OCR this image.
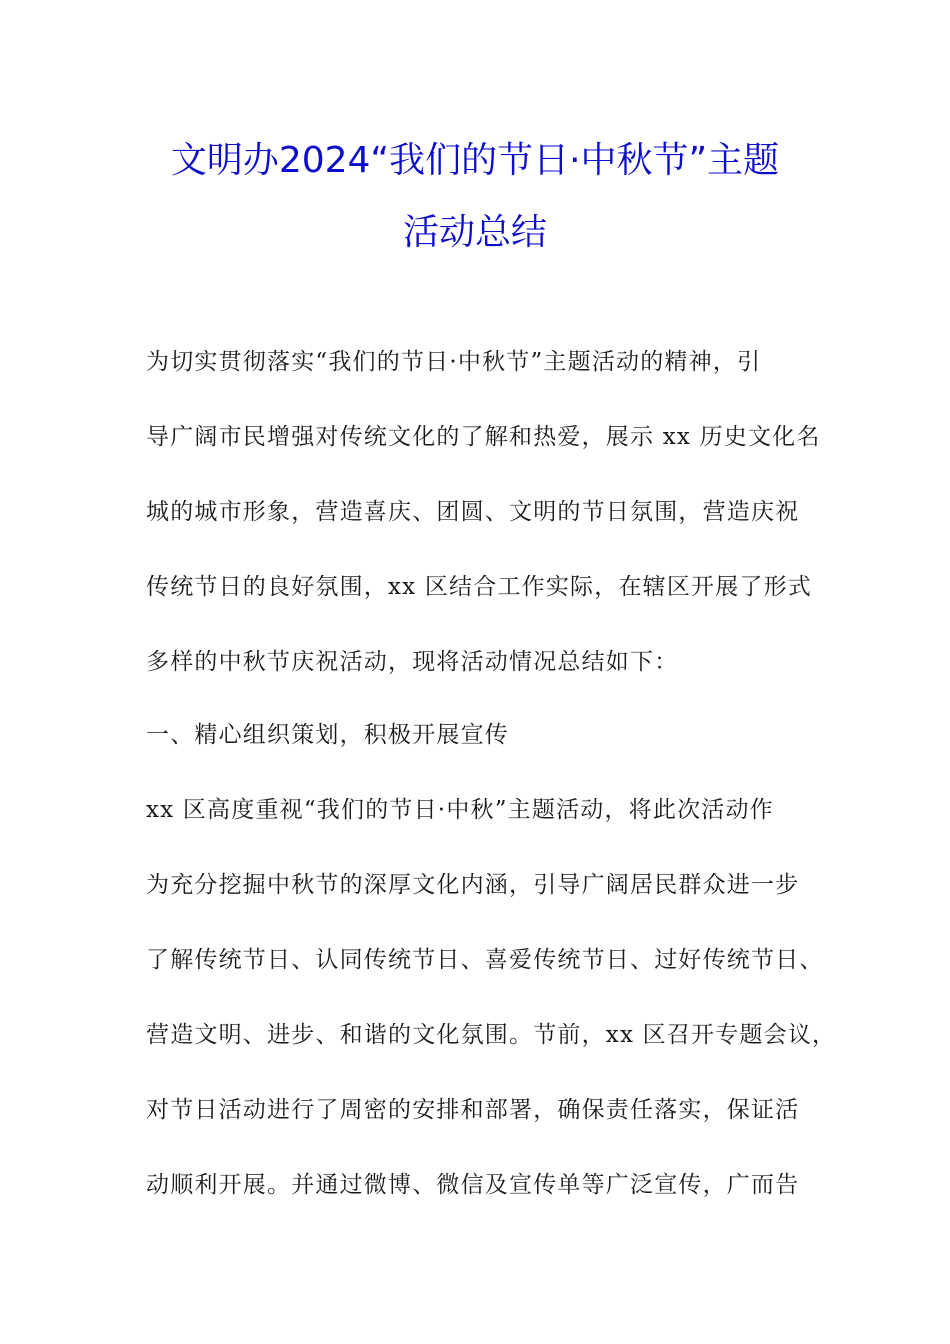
文明办2024“我们的节日·中秋节”主题
活动总结
为切实贯彻落实“我们的节日·中秋节”主题活动的精神，引
导广阔市民增强对传统文化的了解和热爱，展示 xx 历史文化名
城的城市形象，营造喜庆、团圆、文明的节日氛围，营造庆祝
传统节日的良好氛围，xx 区结合工作实际，在辖区开展了形式
多样的中秋节庆祝活动，现将活动情况总结如下：
一、精心组织策划，积极开展宣传
xx 区高度重视“我们的节日·中秋”主题活动，将此次活动作
为充分挖掘中秋节的深厚文化内涵，引导广阔居民群众进一步
了解传统节日、认同传统节日、喜爱传统节日、过好传统节日、
营造文明、进步、和谐的文化氛围。节前，xx 区召开专题会议，
对节日活动进行了周密的安排和部署，确保责任落实，保证活
动顺利开展。并通过微博、微信及宣传单等广泛宣传，广而告
